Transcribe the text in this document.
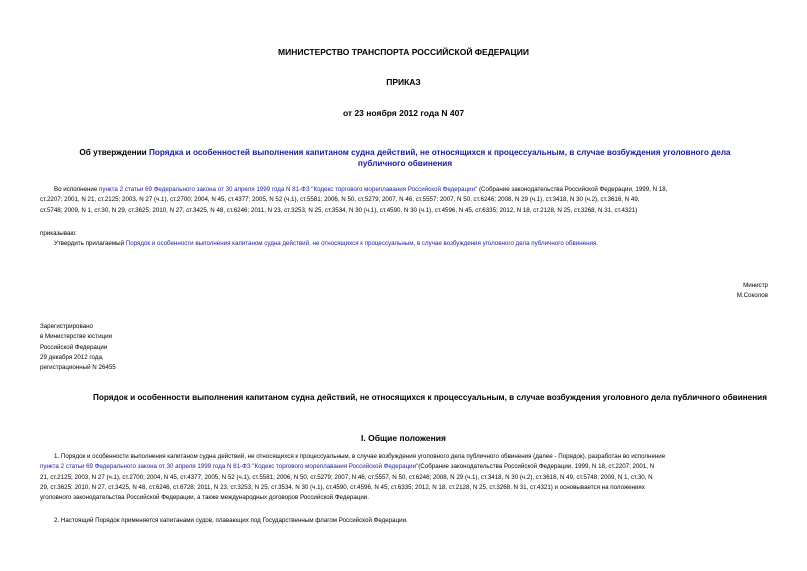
МИНИСТЕРСТВО ТРАНСПОРТА РОССИЙСКОЙ ФЕДЕРАЦИИ
ПРИКАЗ
от 23 ноября 2012 года N 407
Об утверждении Порядка и особенностей выполнения капитаном судна действий, не относящихся к процессуальным, в случае возбуждения уголовного дела публичного обвинения
Во исполнение пункта 2 статьи 69 Федерального закона от 30 апреля 1999 года N 81-ФЗ "Кодекс торгового мореплавания Российской Федерации" (Собрание законодательства Российской Федерации, 1999, N 18,
ст.2207; 2001, N 21, ст.2125; 2003, N 27 (ч.1), ст.2700; 2004, N 45, ст.4377; 2005, N 52 (ч.1), ст.5581; 2006, N 50, ст.5279; 2007, N 46, ст.5557; 2007, N 50, ст.6246; 2008, N 29 (ч.1), ст.3418, N 30 (ч.2), ст.3616, N 49,
ст.5748; 2009, N 1, ст.30, N 29, ст.3625; 2010, N 27, ст.3425, N 48, ст.6246; 2011, N 23, ст.3253, N 25, ст.3534, N 30 (ч.1), ст.4590, N 30 (ч.1), ст.4596, N 45, ст.6335; 2012, N 18, ст.2128, N 25, ст.3268, N 31, ст.4321)
приказываю:
Утвердить прилагаемый Порядок и особенности выполнения капитаном судна действий, не относящихся к процессуальным, в случае возбуждения уголовного дела публичного обвинения.
Министр
М.Соколов
Зарегистрировано
в Министерстве юстиции
Российской Федерации
29 декабря 2012 года,
регистрационный N 26455
Порядок и особенности выполнения капитаном судна действий, не относящихся к процессуальным, в случае возбуждения уголовного дела публичного обвинения
I. Общие положения
1. Порядок и особенности выполнения капитаном судна действий, не относящихся к процессуальным, в случае возбуждения уголовного дела публичного обвинения (далее - Порядок), разработан во исполнение
пункта 2 статьи 69 Федерального закона от 30 апреля 1999 года N 81-ФЗ "Кодекс торгового мореплавания Российской Федерации"(Собрание законодательства Российской Федерации, 1999, N 18, ст.2207; 2001, N
21, ст.2125; 2003, N 27 (ч.1), ст.2700; 2004, N 45, ст.4377; 2005, N 52 (ч.1), ст.5581; 2006, N 50, ст.5279; 2007, N 46, ст.5557, N 50, ст.6246; 2008, N 29 (ч.1), ст.3418, N 30 (ч.2), ст.3616, N 49, ст.5748; 2009, N 1, ст.30, N
29, ст.3625; 2010, N 27, ст.3425, N 48, ст.6246, ст.6728; 2011, N 23, ст.3253, N 25, ст.3534, N 30 (ч.1), ст.4590, ст.4596, N 45, ст.6335; 2012, N 18, ст.2128, N 25, ст.3268, N 31, ст.4321) и основывается на положениях
уголовного законодательства Российской Федерации, а также международных договоров Российской Федерации.
2. Настоящий Порядок применяется капитанами судов, плавающих под Государственным флагом Российской Федерации.
